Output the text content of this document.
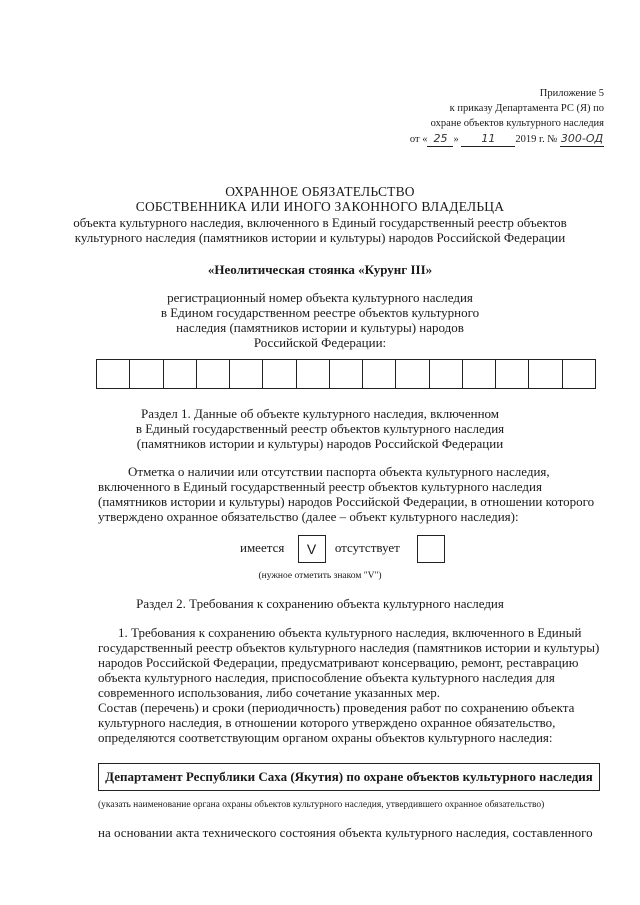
Приложение 5
к приказу Департамента РС (Я) по
охране объектов культурного наследия
от « 25 » 11 2019 г. № 300-ОД
ОХРАННОЕ ОБЯЗАТЕЛЬСТВО
СОБСТВЕННИКА ИЛИ ИНОГО ЗАКОННОГО ВЛАДЕЛЬЦА
объекта культурного наследия, включенного в Единый государственный реестр объектов
культурного наследия (памятников истории и культуры) народов Российской Федерации
«Неолитическая стоянка «Курунг III»
регистрационный номер объекта культурного наследия
в Едином государственном реестре объектов культурного
наследия (памятников истории и культуры) народов
Российской Федерации:
Раздел 1. Данные об объекте культурного наследия, включенном
в Единый государственный реестр объектов культурного наследия
(памятников истории и культуры) народов Российской Федерации
Отметка о наличии или отсутствии паспорта объекта культурного наследия,
включенного в Единый государственный реестр объектов культурного наследия
(памятников истории и культуры) народов Российской Федерации, в отношении которого
утверждено охранное обязательство (далее – объект культурного наследия):
имеется V отсутствует
(нужное отметить знаком "V")
Раздел 2. Требования к сохранению объекта культурного наследия
1. Требования к сохранению объекта культурного наследия, включенного в Единый
государственный реестр объектов культурного наследия (памятников истории и культуры)
народов Российской Федерации, предусматривают консервацию, ремонт, реставрацию
объекта культурного наследия, приспособление объекта культурного наследия для
современного использования, либо сочетание указанных мер.
Состав (перечень) и сроки (периодичность) проведения работ по сохранению объекта
культурного наследия, в отношении которого утверждено охранное обязательство,
определяются соответствующим органом охраны объектов культурного наследия:
Департамент Республики Саха (Якутия) по охране объектов культурного наследия
(указать наименование органа охраны объектов культурного наследия, утвердившего охранное обязательство)
на основании акта технического состояния объекта культурного наследия, составленного
